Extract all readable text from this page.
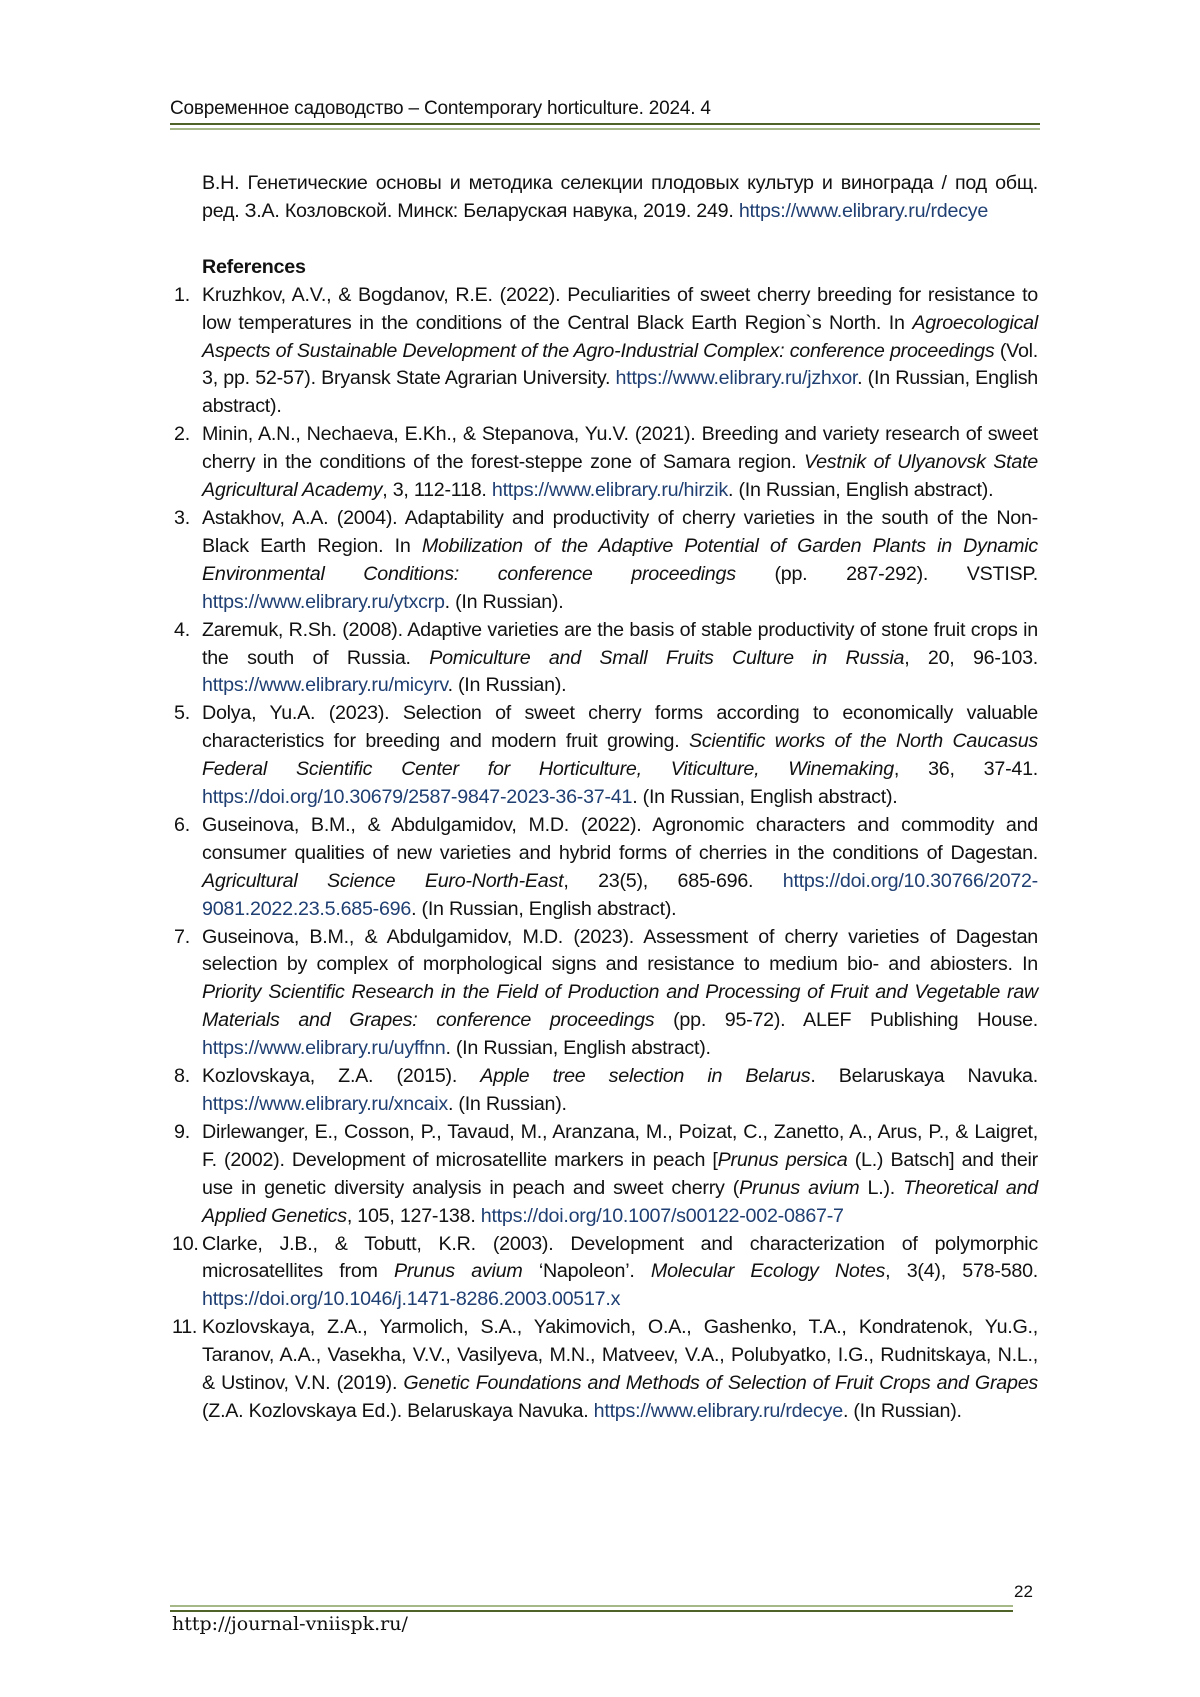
Современное садоводство – Contemporary horticulture. 2024. 4

В.Н. Генетические основы и методика селекции плодовых культур и винограда / под общ. ред. З.А. Козловской. Минск: Беларуская навука, 2019. 249. https://www.elibrary.ru/rdecye

References

1. Kruzhkov, A.V., & Bogdanov, R.E. (2022). Peculiarities of sweet cherry breeding for resistance to low temperatures in the conditions of the Central Black Earth Region`s North. In Agroecological Aspects of Sustainable Development of the Agro-Industrial Complex: conference proceedings (Vol. 3, pp. 52-57). Bryansk State Agrarian University. https://www.elibrary.ru/jzhxor. (In Russian, English abstract).
2. Minin, A.N., Nechaeva, E.Kh., & Stepanova, Yu.V. (2021). Breeding and variety research of sweet cherry in the conditions of the forest-steppe zone of Samara region. Vestnik of Ulyanovsk State Agricultural Academy, 3, 112-118. https://www.elibrary.ru/hirzik. (In Russian, English abstract).
3. Astakhov, A.A. (2004). Adaptability and productivity of cherry varieties in the south of the Non-Black Earth Region. In Mobilization of the Adaptive Potential of Garden Plants in Dynamic Environmental Conditions: conference proceedings (pp. 287-292). VSTISP. https://www.elibrary.ru/ytxcrp. (In Russian).
4. Zaremuk, R.Sh. (2008). Adaptive varieties are the basis of stable productivity of stone fruit crops in the south of Russia. Pomiculture and Small Fruits Culture in Russia, 20, 96-103. https://www.elibrary.ru/micyrv. (In Russian).
5. Dolya, Yu.A. (2023). Selection of sweet cherry forms according to economically valuable characteristics for breeding and modern fruit growing. Scientific works of the North Caucasus Federal Scientific Center for Horticulture, Viticulture, Winemaking, 36, 37-41. https://doi.org/10.30679/2587-9847-2023-36-37-41. (In Russian, English abstract).
6. Guseinova, B.M., & Abdulgamidov, M.D. (2022). Agronomic characters and commodity and consumer qualities of new varieties and hybrid forms of cherries in the conditions of Dagestan. Agricultural Science Euro-North-East, 23(5), 685-696. https://doi.org/10.30766/2072-9081.2022.23.5.685-696. (In Russian, English abstract).
7. Guseinova, B.M., & Abdulgamidov, M.D. (2023). Assessment of cherry varieties of Dagestan selection by complex of morphological signs and resistance to medium bio- and abiosters. In Priority Scientific Research in the Field of Production and Processing of Fruit and Vegetable raw Materials and Grapes: conference proceedings (pp. 95-72). ALEF Publishing House. https://www.elibrary.ru/uyffnn. (In Russian, English abstract).
8. Kozlovskaya, Z.A. (2015). Apple tree selection in Belarus. Belaruskaya Navuka. https://www.elibrary.ru/xncaix. (In Russian).
9. Dirlewanger, E., Cosson, P., Tavaud, M., Aranzana, M., Poizat, C., Zanetto, A., Arus, P., & Laigret, F. (2002). Development of microsatellite markers in peach [Prunus persica (L.) Batsch] and their use in genetic diversity analysis in peach and sweet cherry (Prunus avium L.). Theoretical and Applied Genetics, 105, 127-138. https://doi.org/10.1007/s00122-002-0867-7
10. Clarke, J.B., & Tobutt, K.R. (2003). Development and characterization of polymorphic microsatellites from Prunus avium ‘Napoleon’. Molecular Ecology Notes, 3(4), 578-580. https://doi.org/10.1046/j.1471-8286.2003.00517.x
11. Kozlovskaya, Z.A., Yarmolich, S.A., Yakimovich, O.A., Gashenko, T.A., Kondratenok, Yu.G., Taranov, A.A., Vasekha, V.V., Vasilyeva, M.N., Matveev, V.A., Polubyatko, I.G., Rudnitskaya, N.L., & Ustinov, V.N. (2019). Genetic Foundations and Methods of Selection of Fruit Crops and Grapes (Z.A. Kozlovskaya Ed.). Belaruskaya Navuka. https://www.elibrary.ru/rdecye. (In Russian).
22
http://journal-vniispk.ru/
